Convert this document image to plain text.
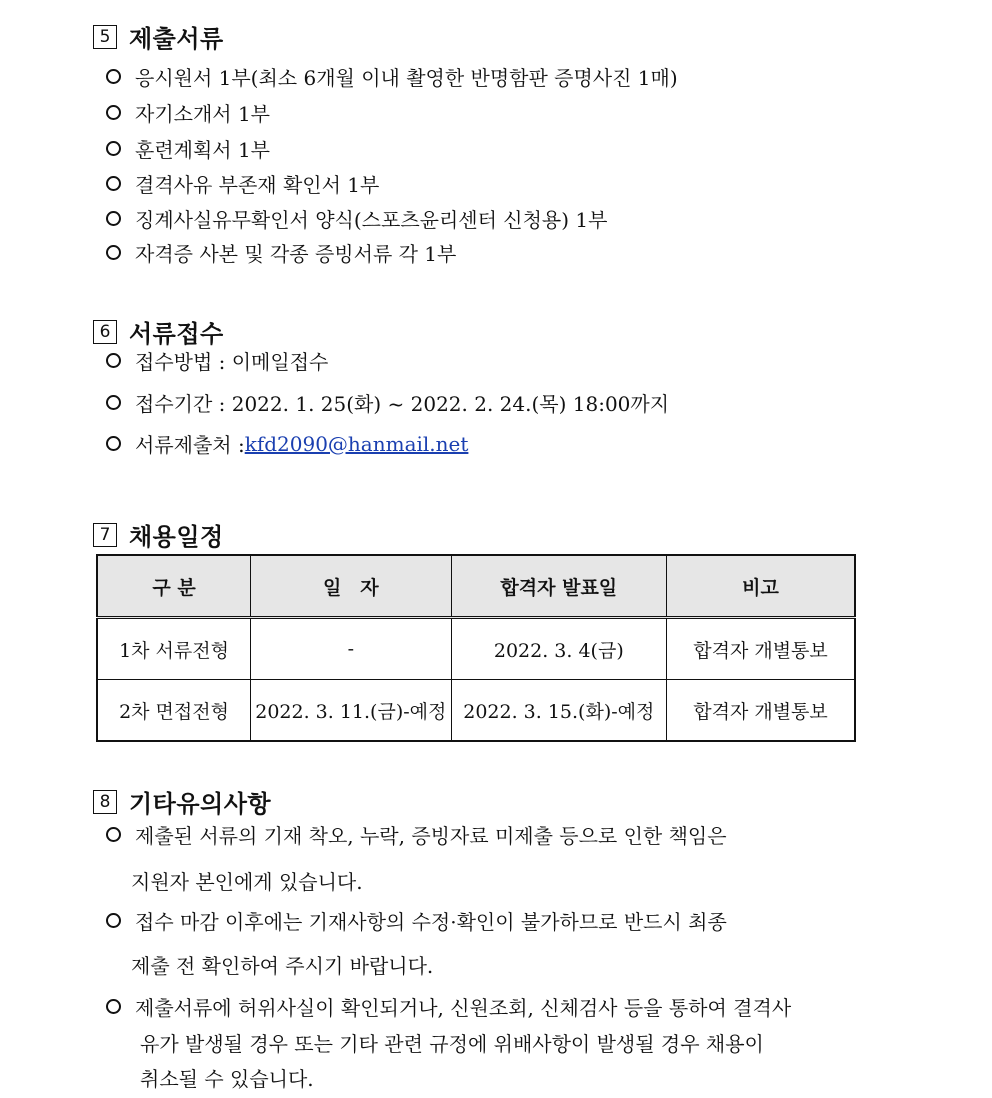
5 제출서류
응시원서 1부(최소 6개월 이내 촬영한 반명함판 증명사진 1매)
자기소개서 1부
훈련계획서 1부
결격사유 부존재 확인서 1부
징계사실유무확인서 양식(스포츠윤리센터 신청용) 1부
자격증 사본 및 각종 증빙서류 각 1부
6 서류접수
접수방법 : 이메일접수
접수기간 : 2022. 1. 25(화) ~ 2022. 2. 24.(목) 18:00까지
서류제출처 : kfd2090@hanmail.net
7 채용일정
구 분	일　자	합격자 발표일	비고
1차 서류전형	-	2022. 3. 4(금)	합격자 개별통보
2차 면접전형	2022. 3. 11.(금)-예정	2022. 3. 15.(화)-예정	합격자 개별통보
8 기타유의사항
제출된 서류의 기재 착오, 누락, 증빙자료 미제출 등으로 인한 책임은
지원자 본인에게 있습니다.
접수 마감 이후에는 기재사항의 수정·확인이 불가하므로 반드시 최종
제출 전 확인하여 주시기 바랍니다.
제출서류에 허위사실이 확인되거나, 신원조회, 신체검사 등을 통하여 결격사
유가 발생될 경우 또는 기타 관련 규정에 위배사항이 발생될 경우 채용이
취소될 수 있습니다.
